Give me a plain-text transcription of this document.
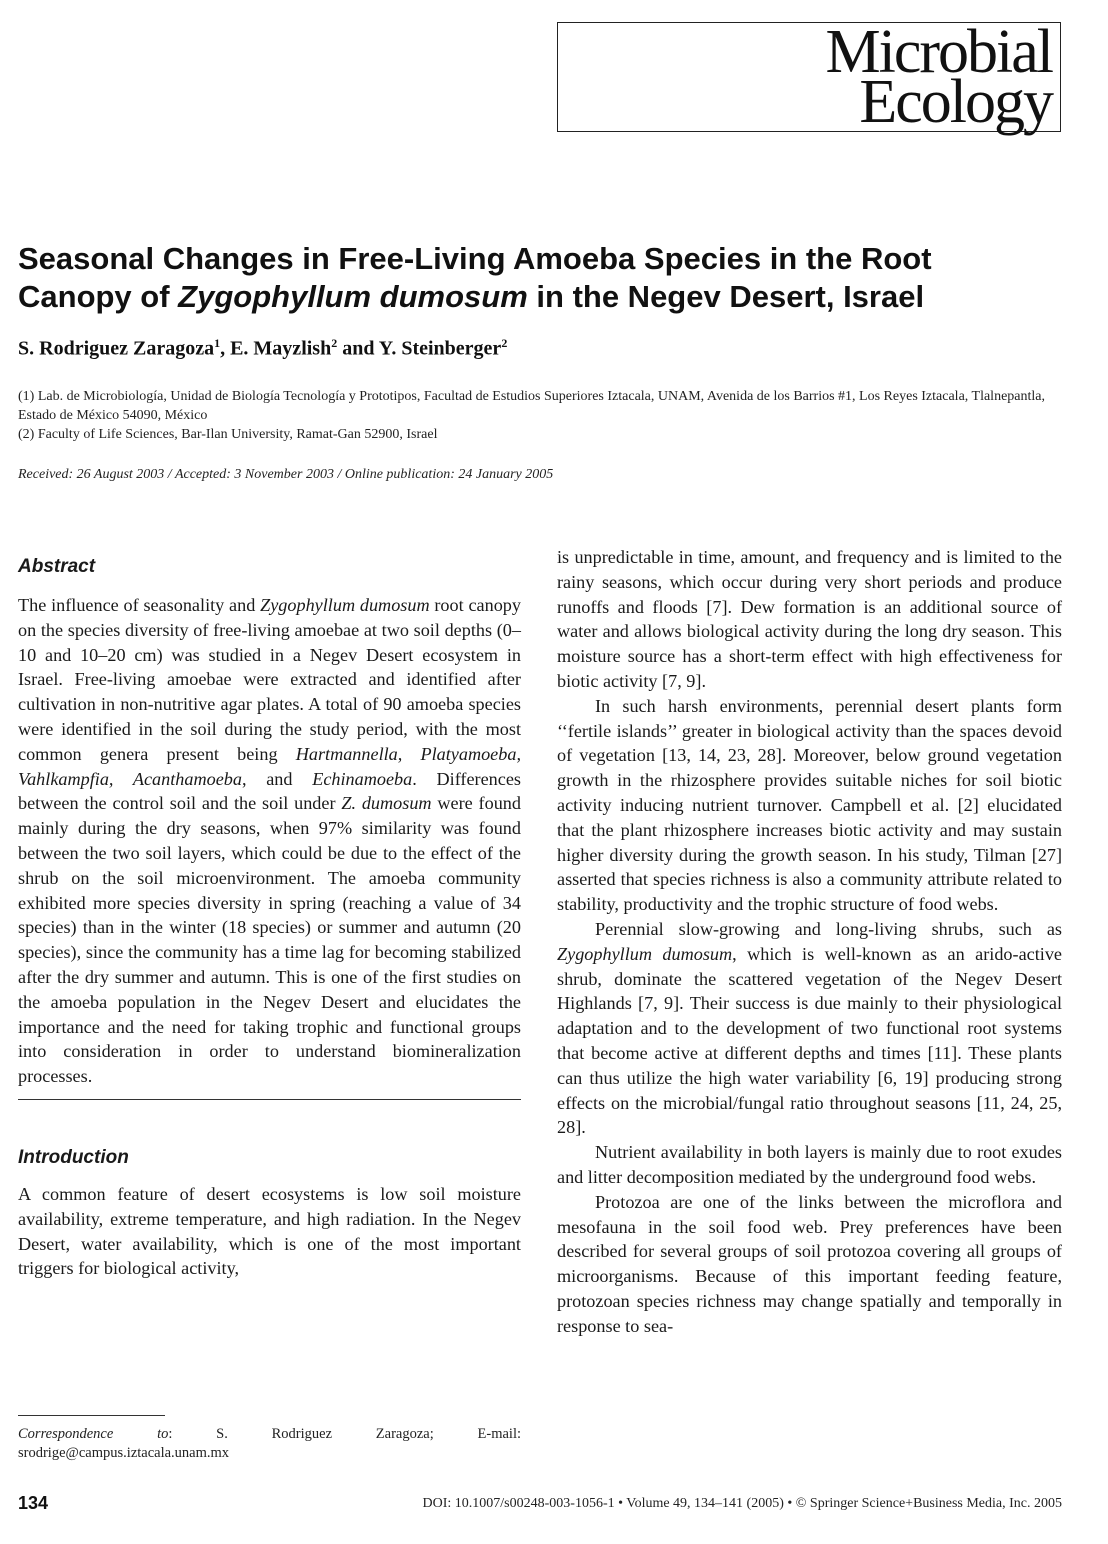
Microbial
Ecology
Seasonal Changes in Free-Living Amoeba Species in the Root
Canopy of Zygophyllum dumosum in the Negev Desert, Israel
S. Rodriguez Zaragoza$^1$, E. Mayzlish$^2$ and Y. Steinberger$^2$
(1) Lab. de Microbiología, Unidad de Biología Tecnología y Prototipos, Facultad de Estudios Superiores Iztacala, UNAM, Avenida de los Barrios #1, Los Reyes Iztacala, Tlalnepantla, Estado de México 54090, México
(2) Faculty of Life Sciences, Bar-Ilan University, Ramat-Gan 52900, Israel
Received: 26 August 2003 / Accepted: 3 November 2003 / Online publication: 24 January 2005
Abstract

The influence of seasonality and Zygophyllum dumosum root canopy on the species diversity of free-living amoebae at two soil depths (0–10 and 10–20 cm) was studied in a Negev Desert ecosystem in Israel. Free-living amoebae were extracted and identified after cultivation in non-nutritive agar plates. A total of 90 amoeba species were identified in the soil during the study period, with the most common genera present being Hartmannella, Platyamoeba, Vahlkampfia, Acanthamoeba, and Echinamoeba. Differences between the control soil and the soil under Z. dumosum were found mainly during the dry seasons, when 97% similarity was found between the two soil layers, which could be due to the effect of the shrub on the soil microenvironment. The amoeba community exhibited more species diversity in spring (reaching a value of 34 species) than in the winter (18 species) or summer and autumn (20 species), since the community has a time lag for becoming stabilized after the dry summer and autumn. This is one of the first studies on the amoeba population in the Negev Desert and elucidates the importance and the need for taking trophic and functional groups into consideration in order to understand biomineralization processes.

Introduction

A common feature of desert ecosystems is low soil moisture availability, extreme temperature, and high radiation. In the Negev Desert, water availability, which is one of the most important triggers for biological activity,

is unpredictable in time, amount, and frequency and is limited to the rainy seasons, which occur during very short periods and produce runoffs and floods [7]. Dew formation is an additional source of water and allows biological activity during the long dry season. This moisture source has a short-term effect with high effectiveness for biotic activity [7, 9].

In such harsh environments, perennial desert plants form ‘‘fertile islands’’ greater in biological activity than the spaces devoid of vegetation [13, 14, 23, 28]. Moreover, below ground vegetation growth in the rhizosphere provides suitable niches for soil biotic activity inducing nutrient turnover. Campbell et al. [2] elucidated that the plant rhizosphere increases biotic activity and may sustain higher diversity during the growth season. In his study, Tilman [27] asserted that species richness is also a community attribute related to stability, productivity and the trophic structure of food webs.

Perennial slow-growing and long-living shrubs, such as Zygophyllum dumosum, which is well-known as an arido-active shrub, dominate the scattered vegetation of the Negev Desert Highlands [7, 9]. Their success is due mainly to their physiological adaptation and to the development of two functional root systems that become active at different depths and times [11]. These plants can thus utilize the high water variability [6, 19] producing strong effects on the microbial/fungal ratio throughout seasons [11, 24, 25, 28].

Nutrient availability in both layers is mainly due to root exudes and litter decomposition mediated by the underground food webs.

Protozoa are one of the links between the microflora and mesofauna in the soil food web. Prey preferences have been described for several groups of soil protozoa covering all groups of microorganisms. Because of this important feeding feature, protozoan species richness may change spatially and temporally in response to sea-

Correspondence to: S. Rodriguez Zaragoza; E-mail: srodrige@campus.iztacala.unam.mx
134	DOI: 10.1007/s00248-003-1056-1 • Volume 49, 134–141 (2005) • © Springer Science+Business Media, Inc. 2005
